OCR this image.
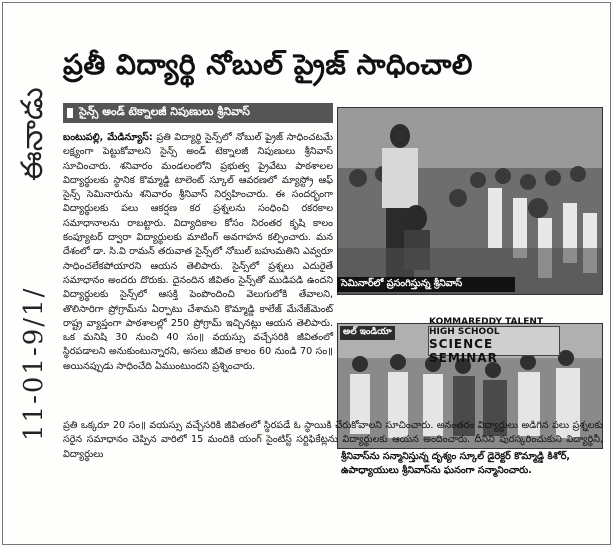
ఈనాడు
11-01-9/1/
ప్రతీ విద్యార్థి నోబుల్ ప్రైజ్ సాధించాలి
సైన్స్ అండ్ టెక్నాలజీ నిపుణులు శ్రీనివాస్
బంటుపల్లి, మేడిన్యూస్: ప్రతి విద్యార్థి సైన్స్‌లో నోబుల్ ప్రైజ్ సాధించటమే లక్ష్యంగా పెట్టుకోవాలని సైన్స్ అండ్ టెక్నాలజీ నిపుణులు శ్రీనివాస్ సూచించారు. శనివారం మండలంలోని ప్రభుత్వ ప్రైవేటు పాఠశాలల విద్యార్థులకు స్థానిక కొమ్మాడ్డి టాలెంట్ స్కూల్ ఆవరణలో మ్యాస్ట్రో ఆఫ్ సైన్స్ సెమినారును శనివారం శ్రీనివాస్ నిర్వహించారు. ఈ సందర్భంగా విద్యార్థులకు పలు ఆకర్షణ కర ప్రశ్నలను సంధించి రకరకాల సమాధానాలను రాబట్టారు. విద్యాదికాల కోసం నిరంతర కృషి కాలం కంప్యూటర్ ద్వారా విద్యార్థులకు మాటింగ్ అవగాహన కల్పించారు. మన దేశంలో డా. సి.వి రామన్ తరువాత సైన్స్‌లో నోబుల్ బహుమతిని ఎవ్వరూ సాధించలేకపోయారని ఆయన తెలిపారు. సైన్స్‌లో ప్రశ్నలు ఎదురైతే సమాధానం అందరు దొరుకు. దైనందిన జీవితం సైన్స్‌తో ముడిపడి ఉందని విద్యార్థులకు సైన్స్‌లో ఆసక్తి పెంపొందించి వెలుగులోకి తేవాలని, తొలిసారిగా ప్రోగ్రామ్‌ను ఏర్పాటు చేశామని కొమ్మాడ్డి కాలేజ్ మేనేజ్‌మెంట్ రాష్ట్ర వ్యాప్తంగా పాఠశాలల్లో 250 ప్రోగ్రామ్ ఇచ్చినట్లు ఆయన తెలిపారు. ఒక మనిషి 30 నుంచి 40 సం॥ వయస్సు వచ్చేసరికి జీవితంలో స్థిరపడాలని అనుకుంటున్నారని, అసలు జీవిత కాలం 60 నుండి 70 సం॥ అయినప్పుడు సాధించేది ఏముంటుందని ప్రశ్నించారు.
సెమినార్‌లో ప్రసంగిస్తున్న శ్రీనివాస్
అల్ ఇండియా
KOMMAREDDY TALENT HIGH SCHOOL
SCIENCE SEMINAR
ప్రతి ఒక్కరూ 20 సం॥ వయస్సు వచ్చేసరికి జీవితంలో స్థిరపడే ఓ స్థాయికి చేరుకోవాలని సూచించారు. అనంతరం విద్యార్థులు అడిగిన పలు ప్రశ్నలకు సరైన సమాధానం చెప్పిన వారిలో 15 మందికి యంగ్ సైంటిస్ట్ సర్టిఫికేట్లను విద్యార్థులకు ఆయన అందించారు. దీనిని పురస్కరించుకుని విద్యార్థినీ, విద్యార్థులు	శ్రీనివాస్‌ను సన్మానిస్తున్న దృశ్యం స్కూల్ డైరెక్టర్ కొమ్మాడ్డి కిశోర్, ఉపాధ్యాయులు శ్రీనివాస్‌ను ఘనంగా సన్మానించారు.
